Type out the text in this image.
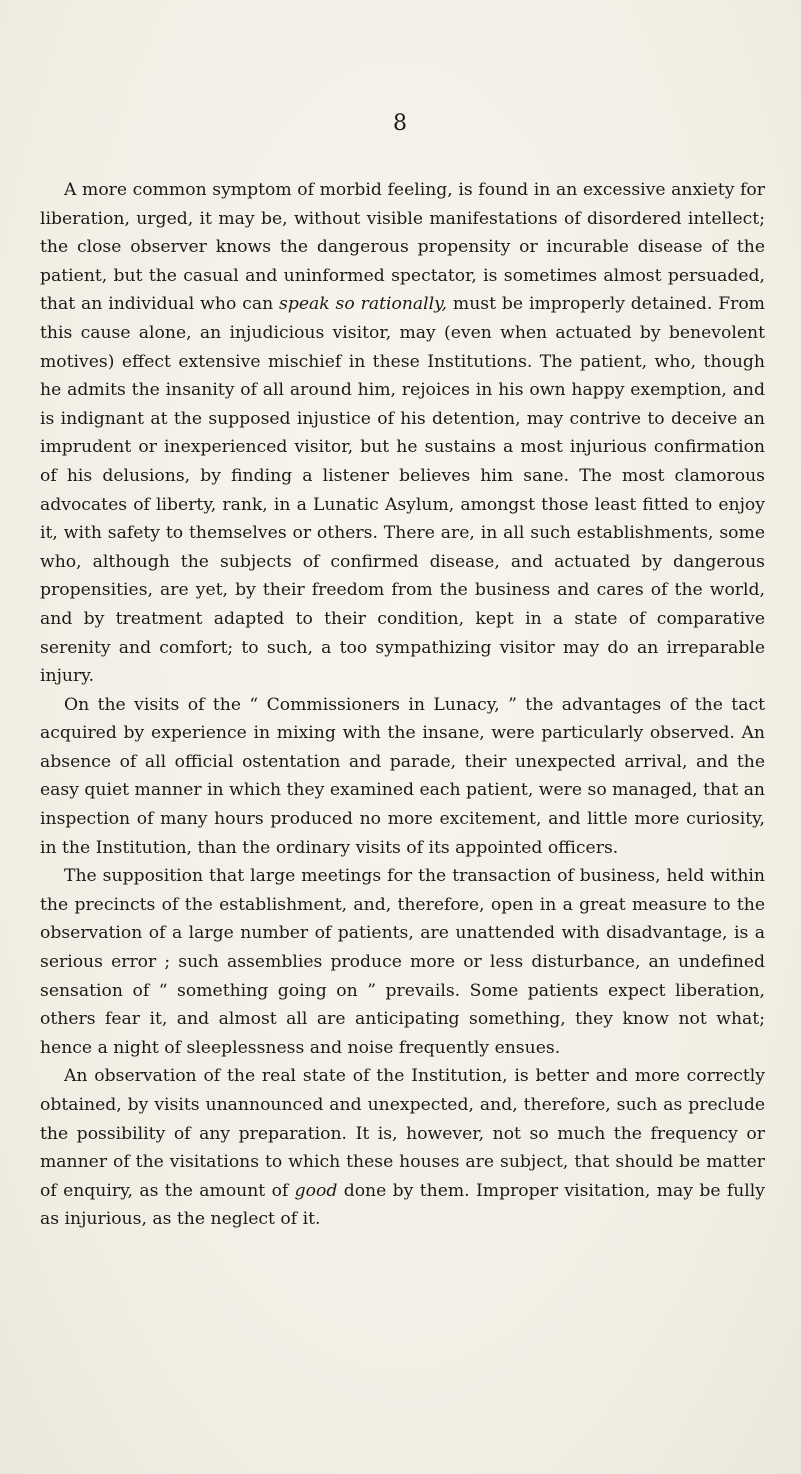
8

A more common symptom of morbid feeling, is found in an excessive anxiety for liberation, urged, it may be, without visible manifestations of disordered intellect; the close observer knows the dangerous propensity or incurable disease of the patient, but the casual and uninformed spectator, is sometimes almost persuaded, that an individual who can speak so rationally, must be improperly detained. From this cause alone, an injudicious visitor, may (even when actuated by benevolent motives) effect extensive mischief in these Institutions. The patient, who, though he admits the insanity of all around him, rejoices in his own happy exemption, and is indignant at the supposed injustice of his detention, may contrive to deceive an imprudent or inexperienced visitor, but he sustains a most injurious confirmation of his delusions, by finding a listener believes him sane. The most clamorous advocates of liberty, rank, in a Lunatic Asylum, amongst those least fitted to enjoy it, with safety to themselves or others. There are, in all such establishments, some who, although the subjects of confirmed disease, and actuated by dangerous propensities, are yet, by their freedom from the business and cares of the world, and by treatment adapted to their condition, kept in a state of comparative serenity and comfort; to such, a too sympathizing visitor may do an irreparable injury.

On the visits of the “ Commissioners in Lunacy, ” the advantages of the tact acquired by experience in mixing with the insane, were particularly observed. An absence of all official ostentation and parade, their unexpected arrival, and the easy quiet manner in which they examined each patient, were so managed, that an inspection of many hours produced no more excitement, and little more curiosity, in the Institution, than the ordinary visits of its appointed officers.

The supposition that large meetings for the transaction of business, held within the precincts of the establishment, and, therefore, open in a great measure to the observation of a large number of patients, are unattended with disadvantage, is a serious error ; such assemblies produce more or less disturbance, an undefined sensation of “ something going on ” prevails. Some patients expect liberation, others fear it, and almost all are anticipating something, they know not what; hence a night of sleeplessness and noise frequently ensues.

An observation of the real state of the Institution, is better and more correctly obtained, by visits unannounced and unexpected, and, therefore, such as preclude the possibility of any preparation. It is, however, not so much the frequency or manner of the visitations to which these houses are subject, that should be matter of enquiry, as the amount of good done by them. Improper visitation, may be fully as injurious, as the neglect of it.
